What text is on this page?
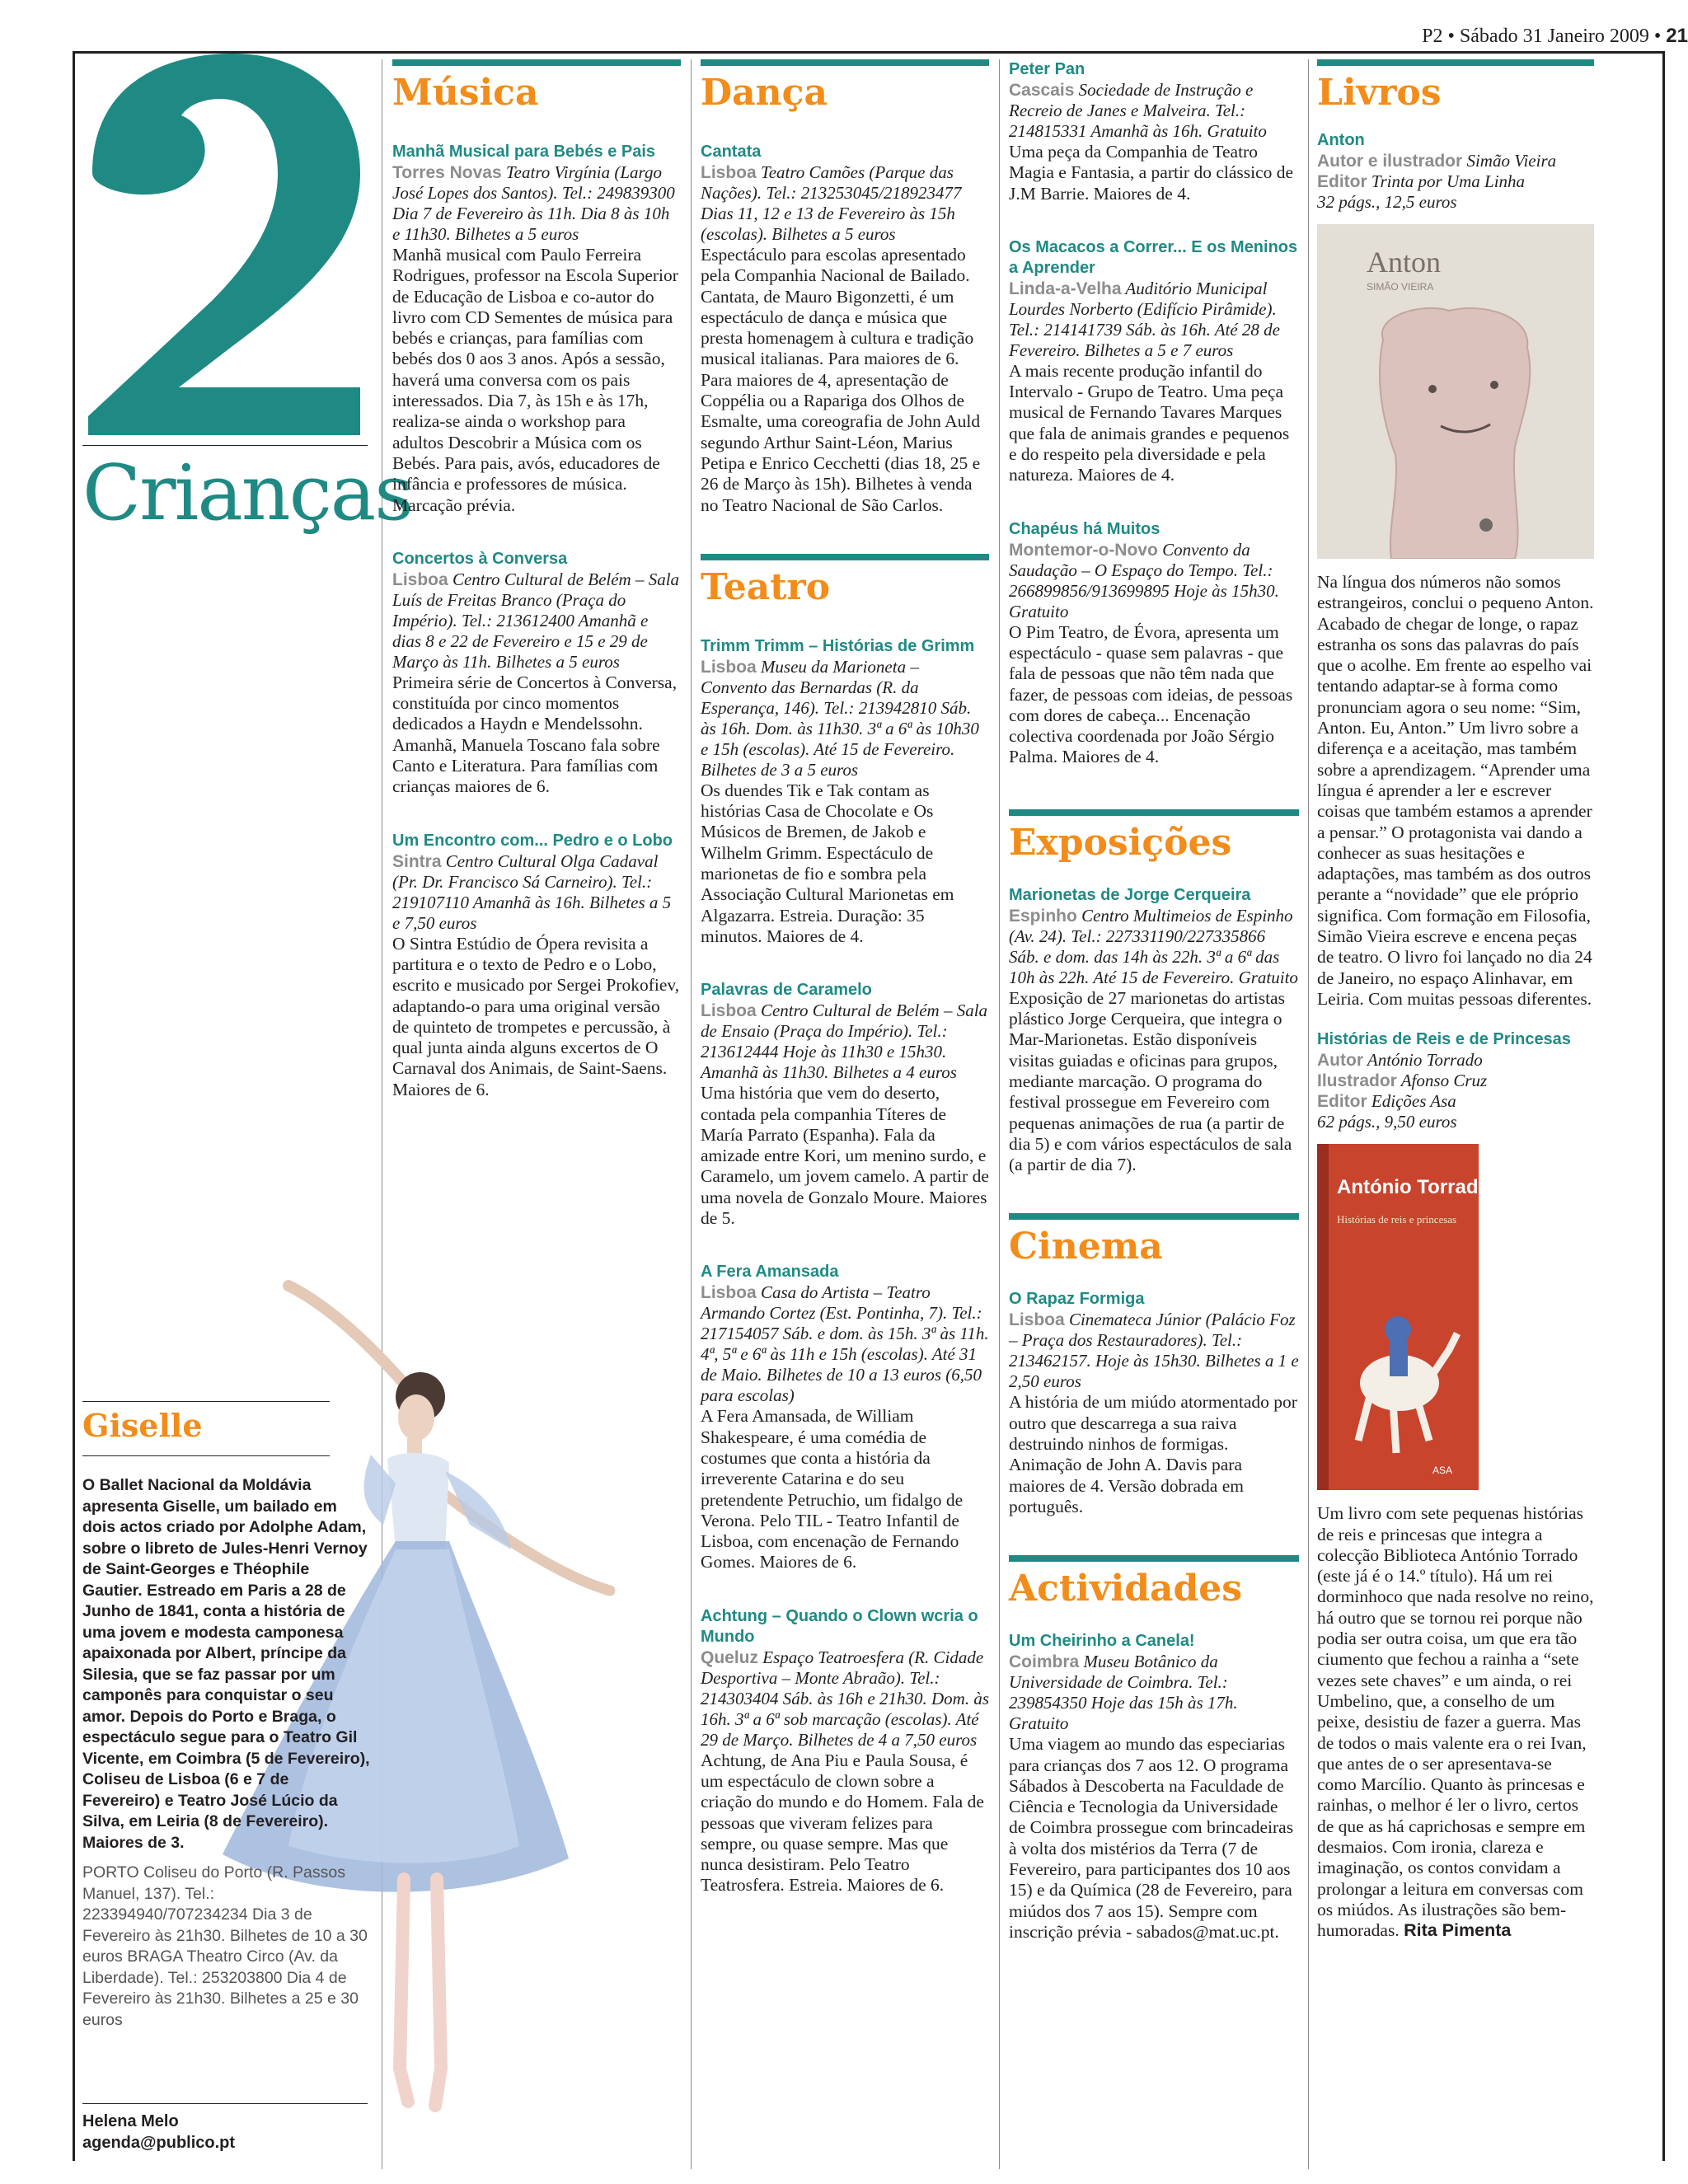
P2 • Sábado 31 Janeiro 2009 • 21
Crianças
Música
Manhã Musical para Bebés e Pais
Torres Novas Teatro Virgínia (Largo José Lopes dos Santos). Tel.: 249839300 Dia 7 de Fevereiro às 11h. Dia 8 às 10h e 11h30. Bilhetes a 5 euros
Manhã musical com Paulo Ferreira Rodrigues, professor na Escola Superior de Educação de Lisboa e co-autor do livro com CD Sementes de música para bebés e crianças, para famílias com bebés dos 0 aos 3 anos. Após a sessão, haverá uma conversa com os pais interessados. Dia 7, às 15h e às 17h, realiza-se ainda o workshop para adultos Descobrir a Música com os Bebés. Para pais, avós, educadores de infância e professores de música. Marcação prévia.
Concertos à Conversa
Lisboa Centro Cultural de Belém – Sala Luís de Freitas Branco (Praça do Império). Tel.: 213612400 Amanhã e dias 8 e 22 de Fevereiro e 15 e 29 de Março às 11h. Bilhetes a 5 euros
Primeira série de Concertos à Conversa, constituída por cinco momentos dedicados a Haydn e Mendelssohn. Amanhã, Manuela Toscano fala sobre Canto e Literatura. Para famílias com crianças maiores de 6.
Um Encontro com... Pedro e o Lobo
Sintra Centro Cultural Olga Cadaval (Pr. Dr. Francisco Sá Carneiro). Tel.: 219107110 Amanhã às 16h. Bilhetes a 5 e 7,50 euros
O Sintra Estúdio de Ópera revisita a partitura e o texto de Pedro e o Lobo, escrito e musicado por Sergei Prokofiev, adaptando-o para uma original versão de quinteto de trompetes e percussão, à qual junta ainda alguns excertos de O Carnaval dos Animais, de Saint-Saens. Maiores de 6.
Dança
Cantata
Lisboa Teatro Camões (Parque das Nações). Tel.: 213253045/218923477 Dias 11, 12 e 13 de Fevereiro às 15h (escolas). Bilhetes a 5 euros
Espectáculo para escolas apresentado pela Companhia Nacional de Bailado. Cantata, de Mauro Bigonzetti, é um espectáculo de dança e música que presta homenagem à cultura e tradição musical italianas. Para maiores de 6. Para maiores de 4, apresentação de Coppélia ou a Rapariga dos Olhos de Esmalte, uma coreografia de John Auld segundo Arthur Saint-Léon, Marius Petipa e Enrico Cecchetti (dias 18, 25 e 26 de Março às 15h). Bilhetes à venda no Teatro Nacional de São Carlos.
Teatro
Trimm Trimm – Histórias de Grimm
Lisboa Museu da Marioneta – Convento das Bernardas (R. da Esperança, 146). Tel.: 213942810 Sáb. às 16h. Dom. às 11h30. 3ª a 6ª às 10h30 e 15h (escolas). Até 15 de Fevereiro. Bilhetes de 3 a 5 euros
Os duendes Tik e Tak contam as histórias Casa de Chocolate e Os Músicos de Bremen, de Jakob e Wilhelm Grimm. Espectáculo de marionetas de fio e sombra pela Associação Cultural Marionetas em Algazarra. Estreia. Duração: 35 minutos. Maiores de 4.
Palavras de Caramelo
Lisboa Centro Cultural de Belém – Sala de Ensaio (Praça do Império). Tel.: 213612444 Hoje às 11h30 e 15h30. Amanhã às 11h30. Bilhetes a 4 euros
Uma história que vem do deserto, contada pela companhia Títeres de María Parrato (Espanha). Fala da amizade entre Kori, um menino surdo, e Caramelo, um jovem camelo. A partir de uma novela de Gonzalo Moure. Maiores de 5.
A Fera Amansada
Lisboa Casa do Artista – Teatro Armando Cortez (Est. Pontinha, 7). Tel.: 217154057 Sáb. e dom. às 15h. 3ª às 11h. 4ª, 5ª e 6ª às 11h e 15h (escolas). Até 31 de Maio. Bilhetes de 10 a 13 euros (6,50 para escolas)
A Fera Amansada, de William Shakespeare, é uma comédia de costumes que conta a história da irreverente Catarina e do seu pretendente Petruchio, um fidalgo de Verona. Pelo TIL - Teatro Infantil de Lisboa, com encenação de Fernando Gomes. Maiores de 6.
Achtung – Quando o Clown wcria o Mundo
Queluz Espaço Teatroesfera (R. Cidade Desportiva – Monte Abraão). Tel.: 214303404 Sáb. às 16h e 21h30. Dom. às 16h. 3ª a 6ª sob marcação (escolas). Até 29 de Março. Bilhetes de 4 a 7,50 euros
Achtung, de Ana Piu e Paula Sousa, é um espectáculo de clown sobre a criação do mundo e do Homem. Fala de pessoas que viveram felizes para sempre, ou quase sempre. Mas que nunca desistiram. Pelo Teatro Teatrosfera. Estreia. Maiores de 6.
Peter Pan
Cascais Sociedade de Instrução e Recreio de Janes e Malveira. Tel.: 214815331 Amanhã às 16h. Gratuito
Uma peça da Companhia de Teatro Magia e Fantasia, a partir do clássico de J.M Barrie. Maiores de 4.
Os Macacos a Correr... E os Meninos a Aprender
Linda-a-Velha Auditório Municipal Lourdes Norberto (Edifício Pirâmide). Tel.: 214141739 Sáb. às 16h. Até 28 de Fevereiro. Bilhetes a 5 e 7 euros
A mais recente produção infantil do Intervalo - Grupo de Teatro. Uma peça musical de Fernando Tavares Marques que fala de animais grandes e pequenos e do respeito pela diversidade e pela natureza. Maiores de 4.
Chapéus há Muitos
Montemor-o-Novo Convento da Saudação – O Espaço do Tempo. Tel.: 266899856/913699895 Hoje às 15h30. Gratuito
O Pim Teatro, de Évora, apresenta um espectáculo - quase sem palavras - que fala de pessoas que não têm nada que fazer, de pessoas com ideias, de pessoas com dores de cabeça... Encenação colectiva coordenada por João Sérgio Palma. Maiores de 4.
Exposições
Marionetas de Jorge Cerqueira
Espinho Centro Multimeios de Espinho (Av. 24). Tel.: 227331190/227335866 Sáb. e dom. das 14h às 22h. 3ª a 6ª das 10h às 22h. Até 15 de Fevereiro. Gratuito
Exposição de 27 marionetas do artistas plástico Jorge Cerqueira, que integra o Mar-Marionetas. Estão disponíveis visitas guiadas e oficinas para grupos, mediante marcação. O programa do festival prossegue em Fevereiro com pequenas animações de rua (a partir de dia 5) e com vários espectáculos de sala (a partir de dia 7).
Cinema
O Rapaz Formiga
Lisboa Cinemateca Júnior (Palácio Foz – Praça dos Restauradores). Tel.: 213462157. Hoje às 15h30. Bilhetes a 1 e 2,50 euros
A história de um miúdo atormentado por outro que descarrega a sua raiva destruindo ninhos de formigas. Animação de John A. Davis para maiores de 4. Versão dobrada em português.
Actividades
Um Cheirinho a Canela!
Coimbra Museu Botânico da Universidade de Coimbra. Tel.: 239854350 Hoje das 15h às 17h. Gratuito
Uma viagem ao mundo das especiarias para crianças dos 7 aos 12. O programa Sábados à Descoberta na Faculdade de Ciência e Tecnologia da Universidade de Coimbra prossegue com brincadeiras à volta dos mistérios da Terra (7 de Fevereiro, para participantes dos 10 aos 15) e da Química (28 de Fevereiro, para miúdos dos 7 aos 15). Sempre com inscrição prévia - sabados@mat.uc.pt.
Livros
Anton
Autor e ilustrador Simão Vieira
Editor Trinta por Uma Linha
32 págs., 12,5 euros
Anton
SIMÃO VIEIRA
Na língua dos números não somos estrangeiros, conclui o pequeno Anton. Acabado de chegar de longe, o rapaz estranha os sons das palavras do país que o acolhe. Em frente ao espelho vai tentando adaptar-se à forma como pronunciam agora o seu nome: “Sim, Anton. Eu, Anton.” Um livro sobre a diferença e a aceitação, mas também sobre a aprendizagem. “Aprender uma língua é aprender a ler e escrever coisas que também estamos a aprender a pensar.” O protagonista vai dando a conhecer as suas hesitações e adaptações, mas também as dos outros perante a “novidade” que ele próprio significa. Com formação em Filosofia, Simão Vieira escreve e encena peças de teatro. O livro foi lançado no dia 24 de Janeiro, no espaço Alinhavar, em Leiria. Com muitas pessoas diferentes.
Histórias de Reis e de Princesas
Autor António Torrado
Ilustrador Afonso Cruz
Editor Edições Asa
62 págs., 9,50 euros
António Torrado
Histórias de reis e princesas
ASA
Um livro com sete pequenas histórias de reis e princesas que integra a colecção Biblioteca António Torrado (este já é o 14.º título). Há um rei dorminhoco que nada resolve no reino, há outro que se tornou rei porque não podia ser outra coisa, um que era tão ciumento que fechou a rainha a “sete vezes sete chaves” e um ainda, o rei Umbelino, que, a conselho de um peixe, desistiu de fazer a guerra. Mas de todos o mais valente era o rei Ivan, que antes de o ser apresentava-se como Marcílio. Quanto às princesas e rainhas, o melhor é ler o livro, certos de que as há caprichosas e sempre em desmaios. Com ironia, clareza e imaginação, os contos convidam a prolongar a leitura em conversas com os miúdos. As ilustrações são bem-humoradas. Rita Pimenta
Giselle
O Ballet Nacional da Moldávia apresenta Giselle, um bailado em dois actos criado por Adolphe Adam, sobre o libreto de Jules-Henri Vernoy de Saint-Georges e Théophile Gautier. Estreado em Paris a 28 de Junho de 1841, conta a história de uma jovem e modesta camponesa apaixonada por Albert, príncipe da Silesia, que se faz passar por um camponês para conquistar o seu amor. Depois do Porto e Braga, o espectáculo segue para o Teatro Gil Vicente, em Coimbra (5 de Fevereiro), Coliseu de Lisboa (6 e 7 de Fevereiro) e Teatro José Lúcio da Silva, em Leiria (8 de Fevereiro). Maiores de 3.
PORTO Coliseu do Porto (R. Passos Manuel, 137). Tel.: 223394940/707234234 Dia 3 de Fevereiro às 21h30. Bilhetes de 10 a 30 euros BRAGA Theatro Circo (Av. da Liberdade). Tel.: 253203800 Dia 4 de Fevereiro às 21h30. Bilhetes a 25 e 30 euros
Helena Melo
agenda@publico.pt
